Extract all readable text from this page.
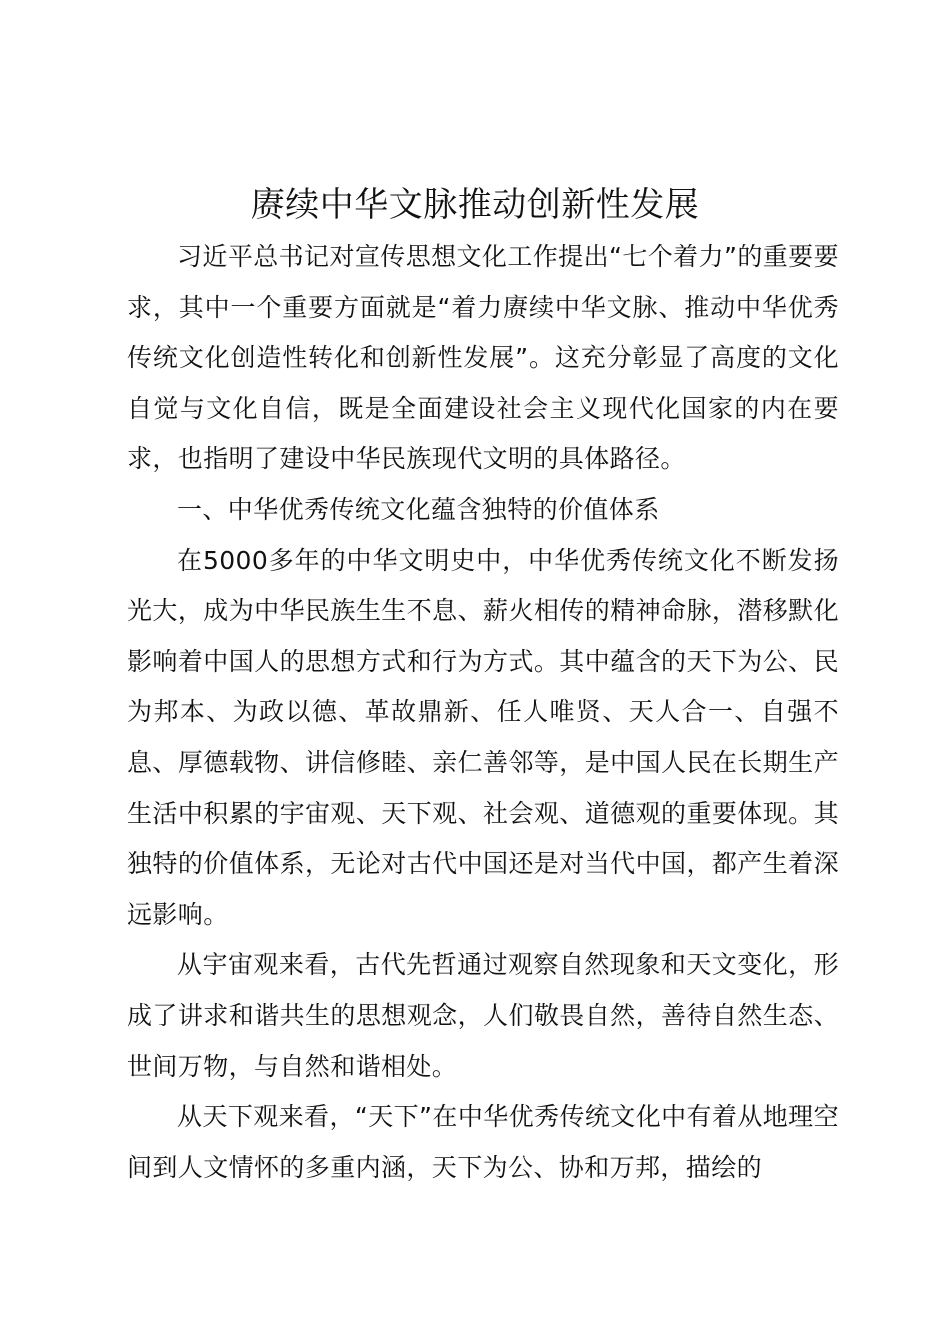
赓续中华文脉推动创新性发展

习近平总书记对宣传思想文化工作提出“七个着力”的重要要求，其中一个重要方面就是“着力赓续中华文脉、推动中华优秀传统文化创造性转化和创新性发展”。这充分彰显了高度的文化自觉与文化自信，既是全面建设社会主义现代化国家的内在要求，也指明了建设中华民族现代文明的具体路径。

一、中华优秀传统文化蕴含独特的价值体系

在5000多年的中华文明史中，中华优秀传统文化不断发扬光大，成为中华民族生生不息、薪火相传的精神命脉，潜移默化影响着中国人的思想方式和行为方式。其中蕴含的天下为公、民为邦本、为政以德、革故鼎新、任人唯贤、天人合一、自强不息、厚德载物、讲信修睦、亲仁善邻等，是中国人民在长期生产生活中积累的宇宙观、天下观、社会观、道德观的重要体现。其独特的价值体系，无论对古代中国还是对当代中国，都产生着深远影响。

从宇宙观来看，古代先哲通过观察自然现象和天文变化，形成了讲求和谐共生的思想观念，人们敬畏自然，善待自然生态、世间万物，与自然和谐相处。

从天下观来看，“天下”在中华优秀传统文化中有着从地理空间到人文情怀的多重内涵，天下为公、协和万邦，描绘的
